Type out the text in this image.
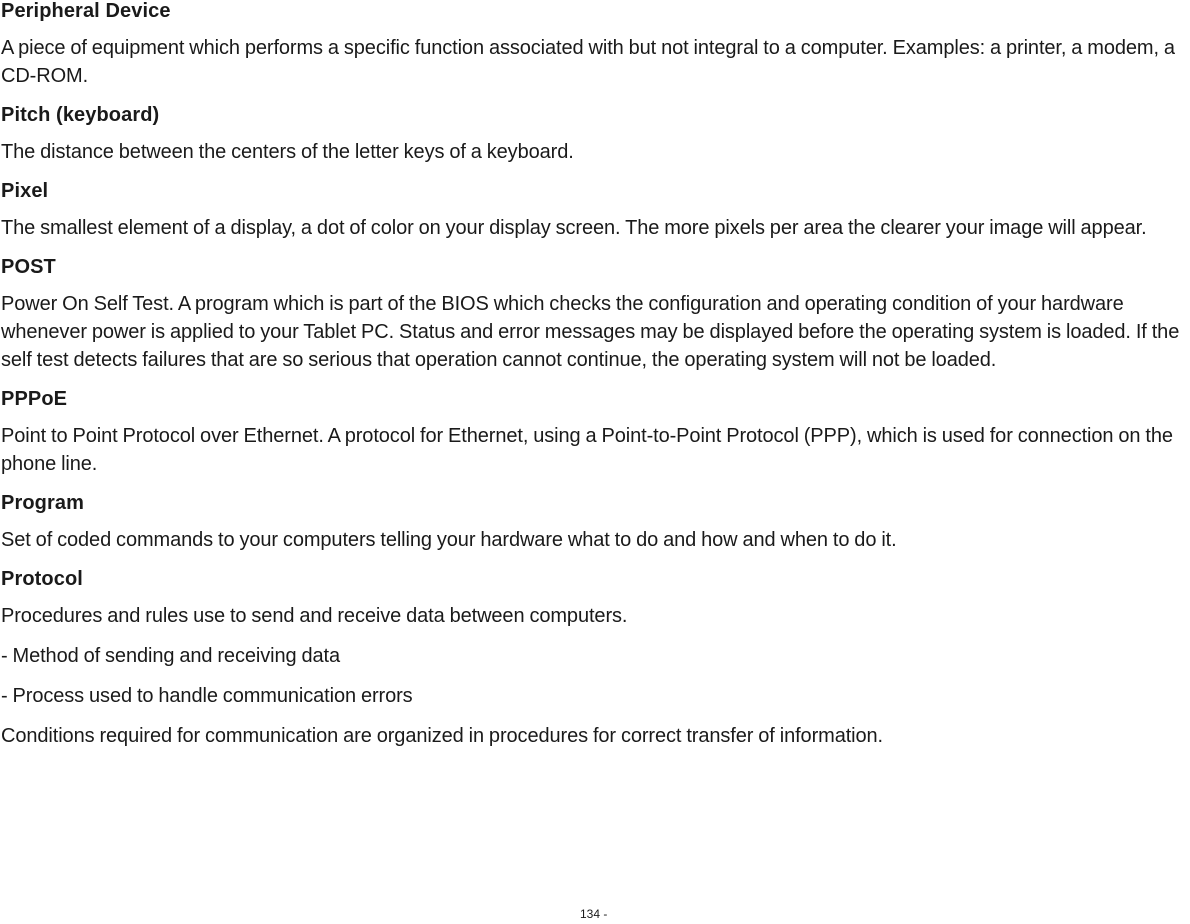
Peripheral Device

A piece of equipment which performs a specific function associated with but not integral to a computer. Examples: a printer, a modem, a CD-ROM.

Pitch (keyboard)

The distance between the centers of the letter keys of a keyboard.

Pixel

The smallest element of a display, a dot of color on your display screen. The more pixels per area the clearer your image will appear.

POST

Power On Self Test. A program which is part of the BIOS which checks the configuration and operating condition of your hardware whenever power is applied to your Tablet PC. Status and error messages may be displayed before the operating system is loaded. If the self test detects failures that are so serious that operation cannot continue, the operating system will not be loaded.

PPPoE

Point to Point Protocol over Ethernet. A protocol for Ethernet, using a Point-to-Point Protocol (PPP), which is used for connection on the phone line.

Program

Set of coded commands to your computers telling your hardware what to do and how and when to do it.

Protocol

Procedures and rules use to send and receive data between computers.

- Method of sending and receiving data

- Process used to handle communication errors

Conditions required for communication are organized in procedures for correct transfer of information.

134 -
